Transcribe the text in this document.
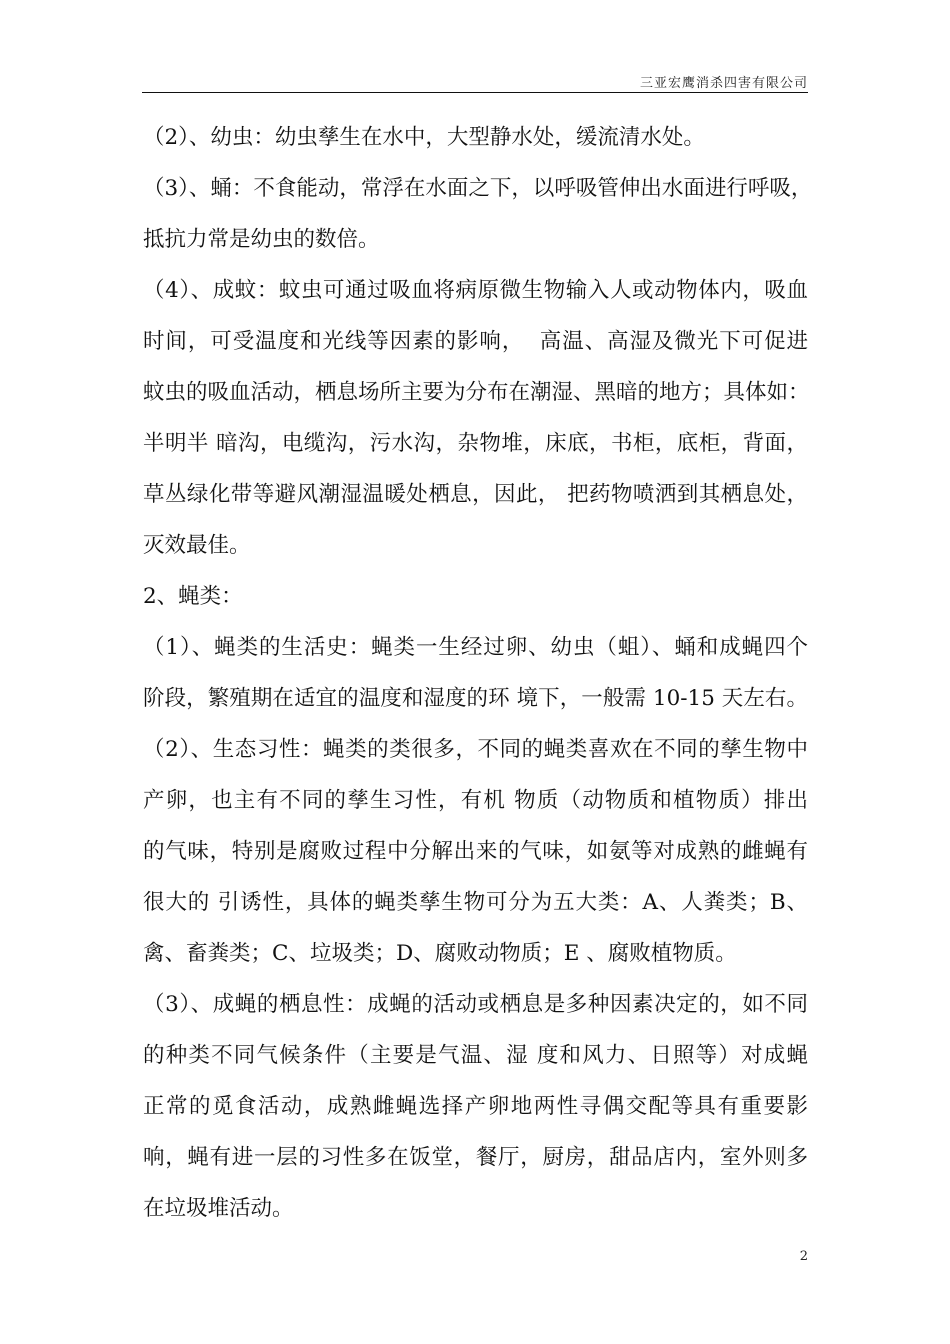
三亚宏鹰消杀四害有限公司
（2）、幼虫：幼虫孳生在水中，大型静水处，缓流清水处。
（3）、蛹：不食能动，常浮在水面之下，以呼吸管伸出水面进行呼吸，
抵抗力常是幼虫的数倍。
（4）、成蚊：蚊虫可通过吸血将病原微生物输入人或动物体内，吸血
时间，可受温度和光线等因素的影响，  高温、高湿及微光下可促进
蚊虫的吸血活动，栖息场所主要为分布在潮湿、黑暗的地方；具体如：
半明半 暗沟，电缆沟，污水沟，杂物堆，床底，书柜，底柜，背面，
草丛绿化带等避风潮湿温暖处栖息，因此， 把药物喷洒到其栖息处，
灭效最佳。
2、蝇类：
（1）、蝇类的生活史：蝇类一生经过卵、幼虫（蛆）、蛹和成蝇四个
阶段，繁殖期在适宜的温度和湿度的环 境下，一般需 10-15 天左右。
（2）、生态习性：蝇类的类很多，不同的蝇类喜欢在不同的孳生物中
产卵，也主有不同的孳生习性，有机 物质（动物质和植物质）排出
的气味，特别是腐败过程中分解出来的气味，如氨等对成熟的雌蝇有
很大的 引诱性，具体的蝇类孳生物可分为五大类：A、人粪类；B、
禽、畜粪类；C、垃圾类；D、腐败动物质；E 、腐败植物质。
（3）、成蝇的栖息性：成蝇的活动或栖息是多种因素决定的，如不同
的种类不同气候条件（主要是气温、湿 度和风力、日照等）对成蝇
正常的觅食活动，成熟雌蝇选择产卵地两性寻偶交配等具有重要影
响，蝇有进一层的习性多在饭堂，餐厅，厨房，甜品店内，室外则多
在垃圾堆活动。
2
